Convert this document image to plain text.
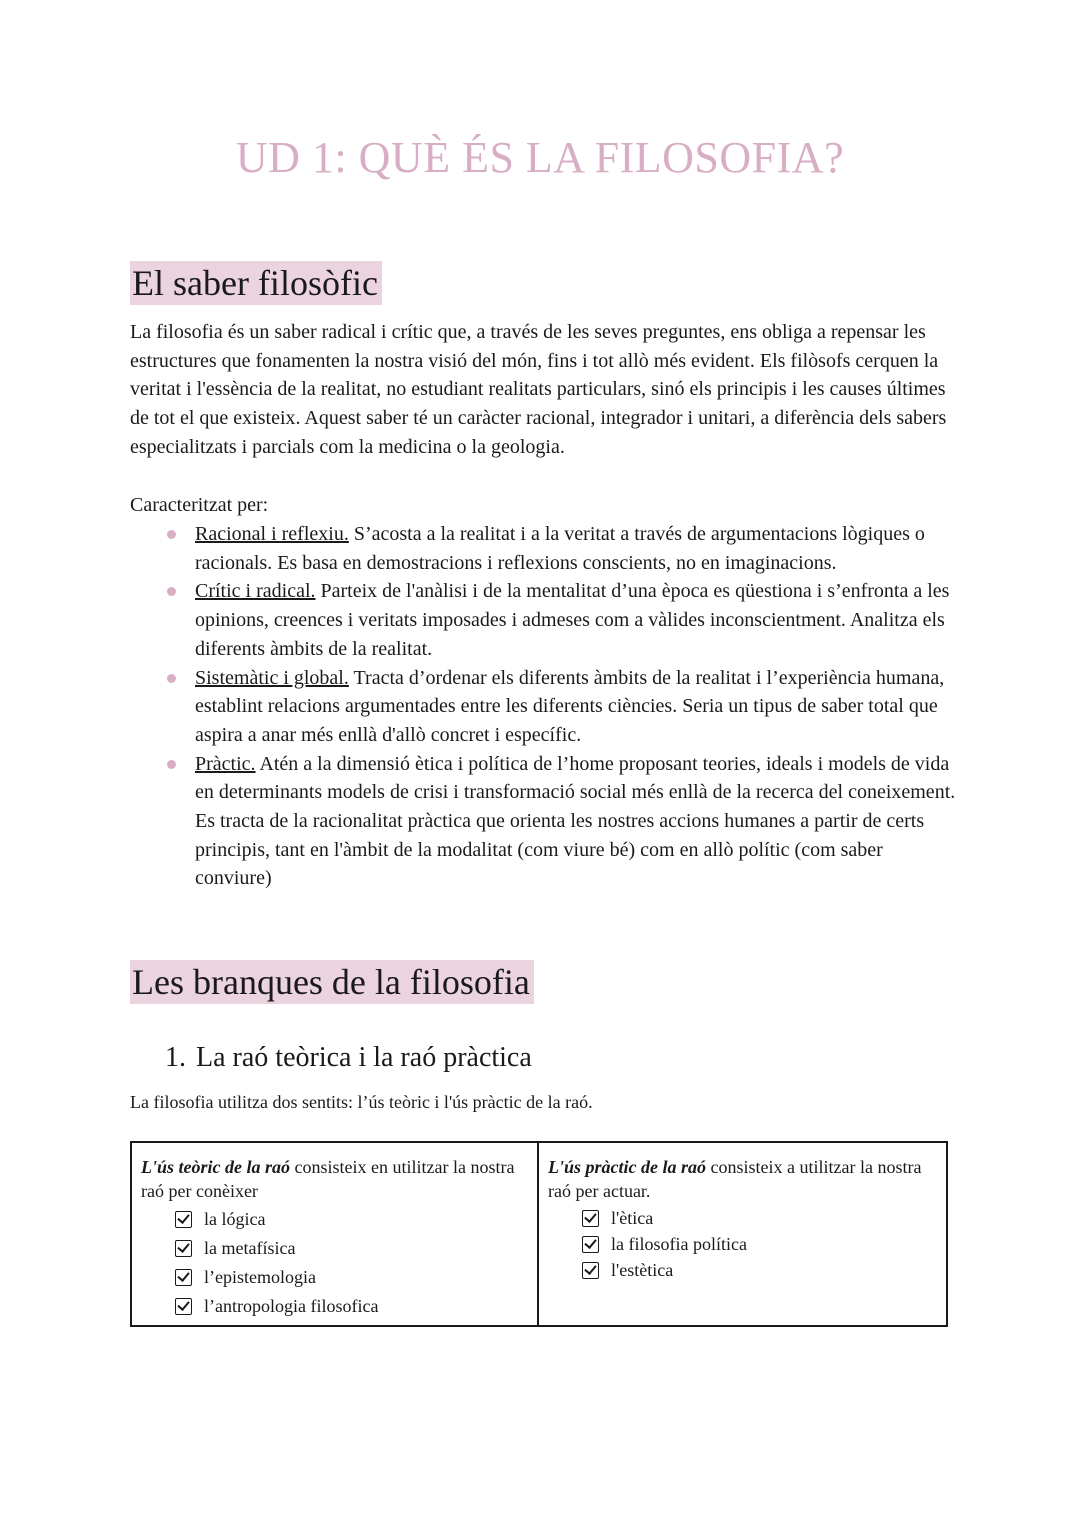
UD 1: QUÈ ÉS LA FILOSOFIA?
El saber filosòfic

La filosofia és un saber radical i crític que, a través de les seves preguntes, ens obliga a repensar les estructures que fonamenten la nostra visió del món, fins i tot allò més evident. Els filòsofs cerquen la veritat i l'essència de la realitat, no estudiant realitats particulars, sinó els principis i les causes últimes de tot el que existeix. Aquest saber té un caràcter racional, integrador i unitari, a diferència dels sabers especialitzats i parcials com la medicina o la geologia.

Caracteritzat per:

Racional i reflexiu. S’acosta a la realitat i a la veritat a través de argumentacions lògiques o racionals. Es basa en demostracions i reflexions conscients, no en imaginacions.
Crític i radical. Parteix de l'anàlisi i de la mentalitat d’una època es qüestiona i s’enfronta a les opinions, creences i veritats imposades i admeses com a vàlides inconscientment. Analitza els diferents àmbits de la realitat.
Sistemàtic i global. Tracta d’ordenar els diferents àmbits de la realitat i l’experiència humana, establint relacions argumentades entre les diferents ciències. Seria un tipus de saber total que aspira a anar més enllà d'allò concret i específic.
Pràctic. Atén a la dimensió ètica i política de l’home proposant teories, ideals i models de vida en determinants models de crisi i transformació social més enllà de la recerca del coneixement. Es tracta de la racionalitat pràctica que orienta les nostres accions humanes a partir de certs principis, tant en l'àmbit de la modalitat (com viure bé) com en allò polític (com saber conviure)
Les branques de la filosofia
1. La raó teòrica i la raó pràctica

La filosofia utilitza dos sentits: l’ús teòric i l'ús pràctic de la raó.

L'ús teòric de la raó consisteix en utilitzar la nostra raó per conèixer
la lógica
la metafísica
l’epistemologia
l’antropologia filosofica
L'ús pràctic de la raó consisteix a utilitzar la nostra raó per actuar.
l'ètica
la filosofia política
l'estètica
